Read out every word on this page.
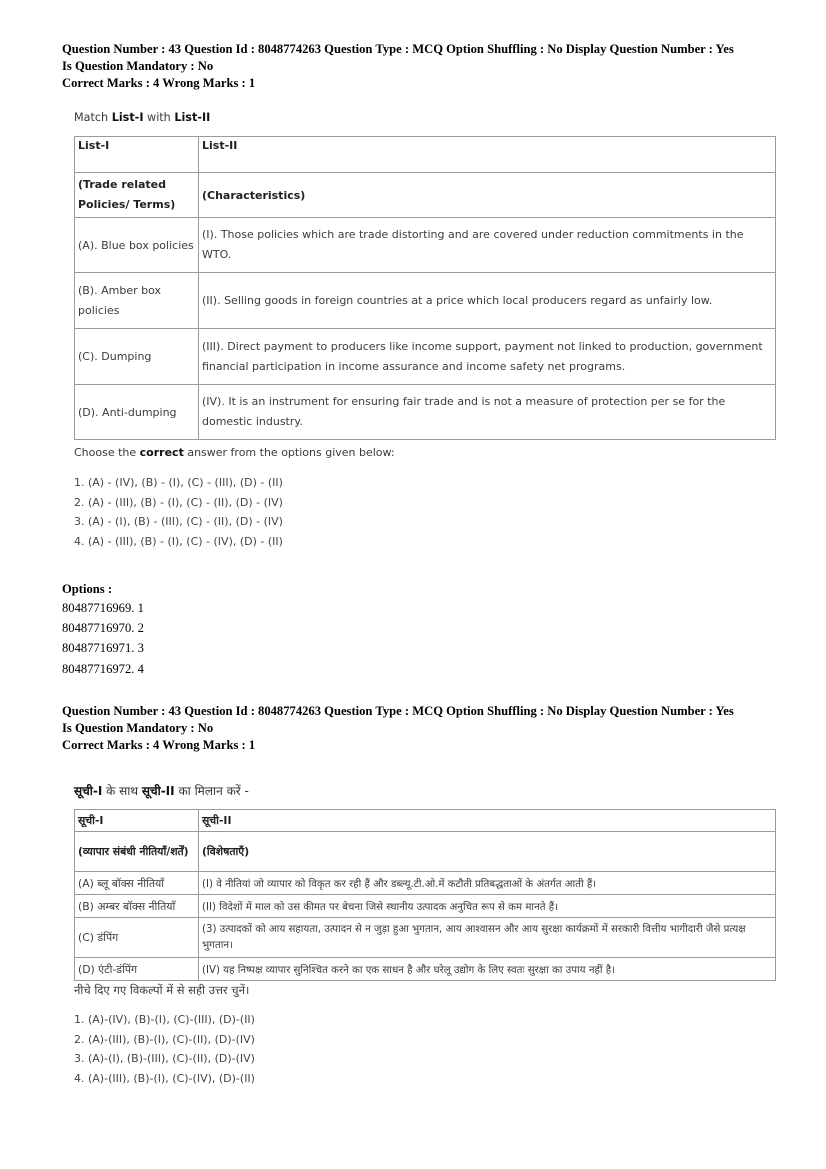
Question Number : 43 Question Id : 8048774263 Question Type : MCQ Option Shuffling : No Display Question Number : Yes
Is Question Mandatory : No
Correct Marks : 4 Wrong Marks : 1
Match List-I with List-II
List-I	List-II
(Trade related Policies/ Terms)	(Characteristics)
(A). Blue box policies	(I). Those policies which are trade distorting and are covered under reduction commitments in the WTO.
(B). Amber box policies	(II). Selling goods in foreign countries at a price which local producers regard as unfairly low.
(C). Dumping	(III). Direct payment to producers like income support, payment not linked to production, government financial participation in income assurance and income safety net programs.
(D). Anti-dumping	(IV). It is an instrument for ensuring fair trade and is not a measure of protection per se for the domestic industry.
Choose the correct answer from the options given below:
1. (A) - (IV), (B) - (I), (C) - (III), (D) - (II)
2. (A) - (III), (B) - (I), (C) - (II), (D) - (IV)
3. (A) - (I), (B) - (III), (C) - (II), (D) - (IV)
4. (A) - (III), (B) - (I), (C) - (IV), (D) - (II)
Options :
80487716969. 1
80487716970. 2
80487716971. 3
80487716972. 4
Question Number : 43 Question Id : 8048774263 Question Type : MCQ Option Shuffling : No Display Question Number : Yes
Is Question Mandatory : No
Correct Marks : 4 Wrong Marks : 1
सूची-I के साथ सूची-II का मिलान करें -
सूची-I	सूची-II
(व्यापार संबंधी नीतियाँ/शर्तें)	(विशेषताएँ)
(A) ब्लू बॉक्स नीतियाँ	(I) वे नीतियां जो व्यापार को विकृत कर रही हैं और डब्ल्यू.टी.ओ.में कटौती प्रतिबद्धताओं के अंतर्गत आती हैं।
(B) अम्बर बॉक्स नीतियाँ	(II) विदेशों में माल को उस कीमत पर बेचना जिसे स्थानीय उत्पादक अनुचित रूप से कम मानते हैं।
(C) डंपिंग	(3) उत्पादकों को आय सहायता, उत्पादन से न जुड़ा हुआ भुगतान, आय आश्वासन और आय सुरक्षा कार्यक्रमों में सरकारी वित्तीय भागीदारी जैसे प्रत्यक्ष भुगतान।
(D) एंटी-डंपिंग	(IV) यह निष्पक्ष व्यापार सुनिश्चित करने का एक साधन है और घरेलू उद्योग के लिए स्वतः सुरक्षा का उपाय नहीं है।
नीचे दिए गए विकल्पों में से सही उत्तर चुनें।
1. (A)-(IV), (B)-(I), (C)-(III), (D)-(II)
2. (A)-(III), (B)-(I), (C)-(II), (D)-(IV)
3. (A)-(I), (B)-(III), (C)-(II), (D)-(IV)
4. (A)-(III), (B)-(I), (C)-(IV), (D)-(II)
